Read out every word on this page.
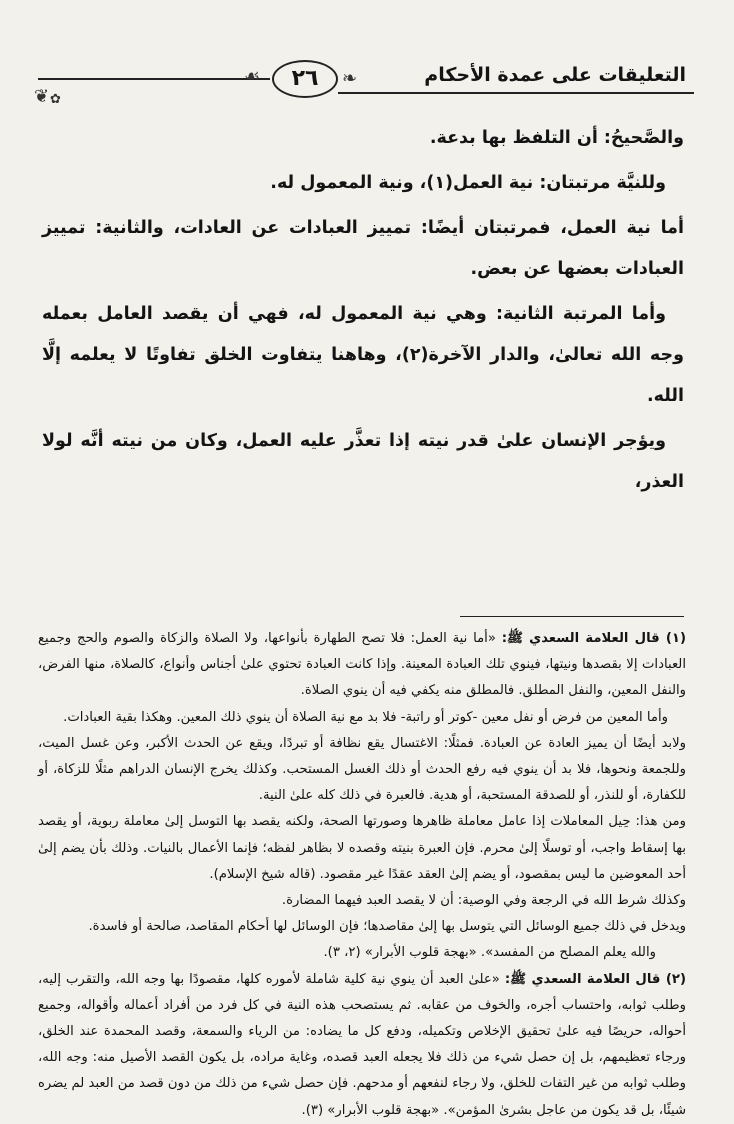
التعليقات على عمدة الأحكام
❧
☙
❦ ✿
٢٦

والصَّحيحُ: أن التلفظ بها بدعة.

وللنيَّة مرتبتان: نية العمل(١)، ونية المعمول له.

أما نية العمل، فمرتبتان أيضًا: تمييز العبادات عن العادات، والثانية: تمييز العبادات بعضها عن بعض.

وأما المرتبة الثانية: وهي نية المعمول له، فهي أن يقصد العامل بعمله وجه الله تعالىٰ، والدار الآخرة(٢)، وهاهنا يتفاوت الخلق تفاوتًا لا يعلمه إلَّا الله.

ويؤجر الإنسان علىٰ قدر نيته إذا تعذَّر عليه العمل، وكان من نيته أنَّه لولا العذر،

(١) قال العلامة السعدي ﷺ: «أما نية العمل: فلا تصح الطهارة بأنواعها، ولا الصلاة والزكاة والصوم والحج وجميع العبادات إلا بقصدها ونيتها، فينوي تلك العبادة المعينة. وإذا كانت العبادة تحتوي علىٰ أجناس وأنواع، كالصلاة، منها الفرض، والنفل المعين، والنفل المطلق. فالمطلق منه يكفي فيه أن ينوي الصلاة.

وأما المعين من فرض أو نفل معين -كوتر أو راتبة- فلا بد مع نية الصلاة أن ينوي ذلك المعين. وهكذا بقية العبادات.

ولابد أيضًا أن يميز العادة عن العبادة. فمثلًا: الاغتسال يقع نظافة أو تبردًا، ويقع عن الحدث الأكبر، وعن غسل الميت، وللجمعة ونحوها، فلا بد أن ينوي فيه رفع الحدث أو ذلك الغسل المستحب. وكذلك يخرج الإنسان الدراهم مثلًا للزكاة، أو للكفارة، أو للنذر، أو للصدقة المستحبة، أو هدية. فالعبرة في ذلك كله علىٰ النية.

ومن هذا: حِيل المعاملات إذا عامل معاملة ظاهرها وصورتها الصحة، ولكنه يقصد بها التوسل إلىٰ معاملة ربوية، أو يقصد بها إسقاط واجب، أو توسلًا إلىٰ محرم. فإن العبرة بنيته وقصده لا بظاهر لفظه؛ فإنما الأعمال بالنيات. وذلك بأن يضم إلىٰ أحد المعوضين ما ليس بمقصود، أو يضم إلىٰ العقد عقدًا غير مقصود. (قاله شيخ الإسلام).

وكذلك شرط الله في الرجعة وفي الوصية: أن لا يقصد العبد فيهما المضارة.

ويدخل في ذلك جميع الوسائل التي يتوسل بها إلىٰ مقاصدها؛ فإن الوسائل لها أحكام المقاصد، صالحة أو فاسدة.

والله يعلم المصلح من المفسد». «بهجة قلوب الأبرار» (٢، ٣).

(٢) قال العلامة السعدي ﷺ: «علىٰ العبد أن ينوي نية كلية شاملة لأموره كلها، مقصودًا بها وجه الله، والتقرب إليه، وطلب ثوابه، واحتساب أجره، والخوف من عقابه. ثم يستصحب هذه النية في كل فرد من أفراد أعماله وأقواله، وجميع أحواله، حريصًا فيه علىٰ تحقيق الإخلاص وتكميله، ودفع كل ما يضاده: من الرياء والسمعة، وقصد المحمدة عند الخلق، ورجاء تعظيمهم، بل إن حصل شيء من ذلك فلا يجعله العبد قصده، وغاية مراده، بل يكون القصد الأصيل منه: وجه الله، وطلب ثوابه من غير التفات للخلق، ولا رجاء لنفعهم أو مدحهم. فإن حصل شيء من ذلك من دون قصد من العبد لم يضره شيئًا، بل قد يكون من عاجل بشرىٰ المؤمن». «بهجة قلوب الأبرار» (٣).
